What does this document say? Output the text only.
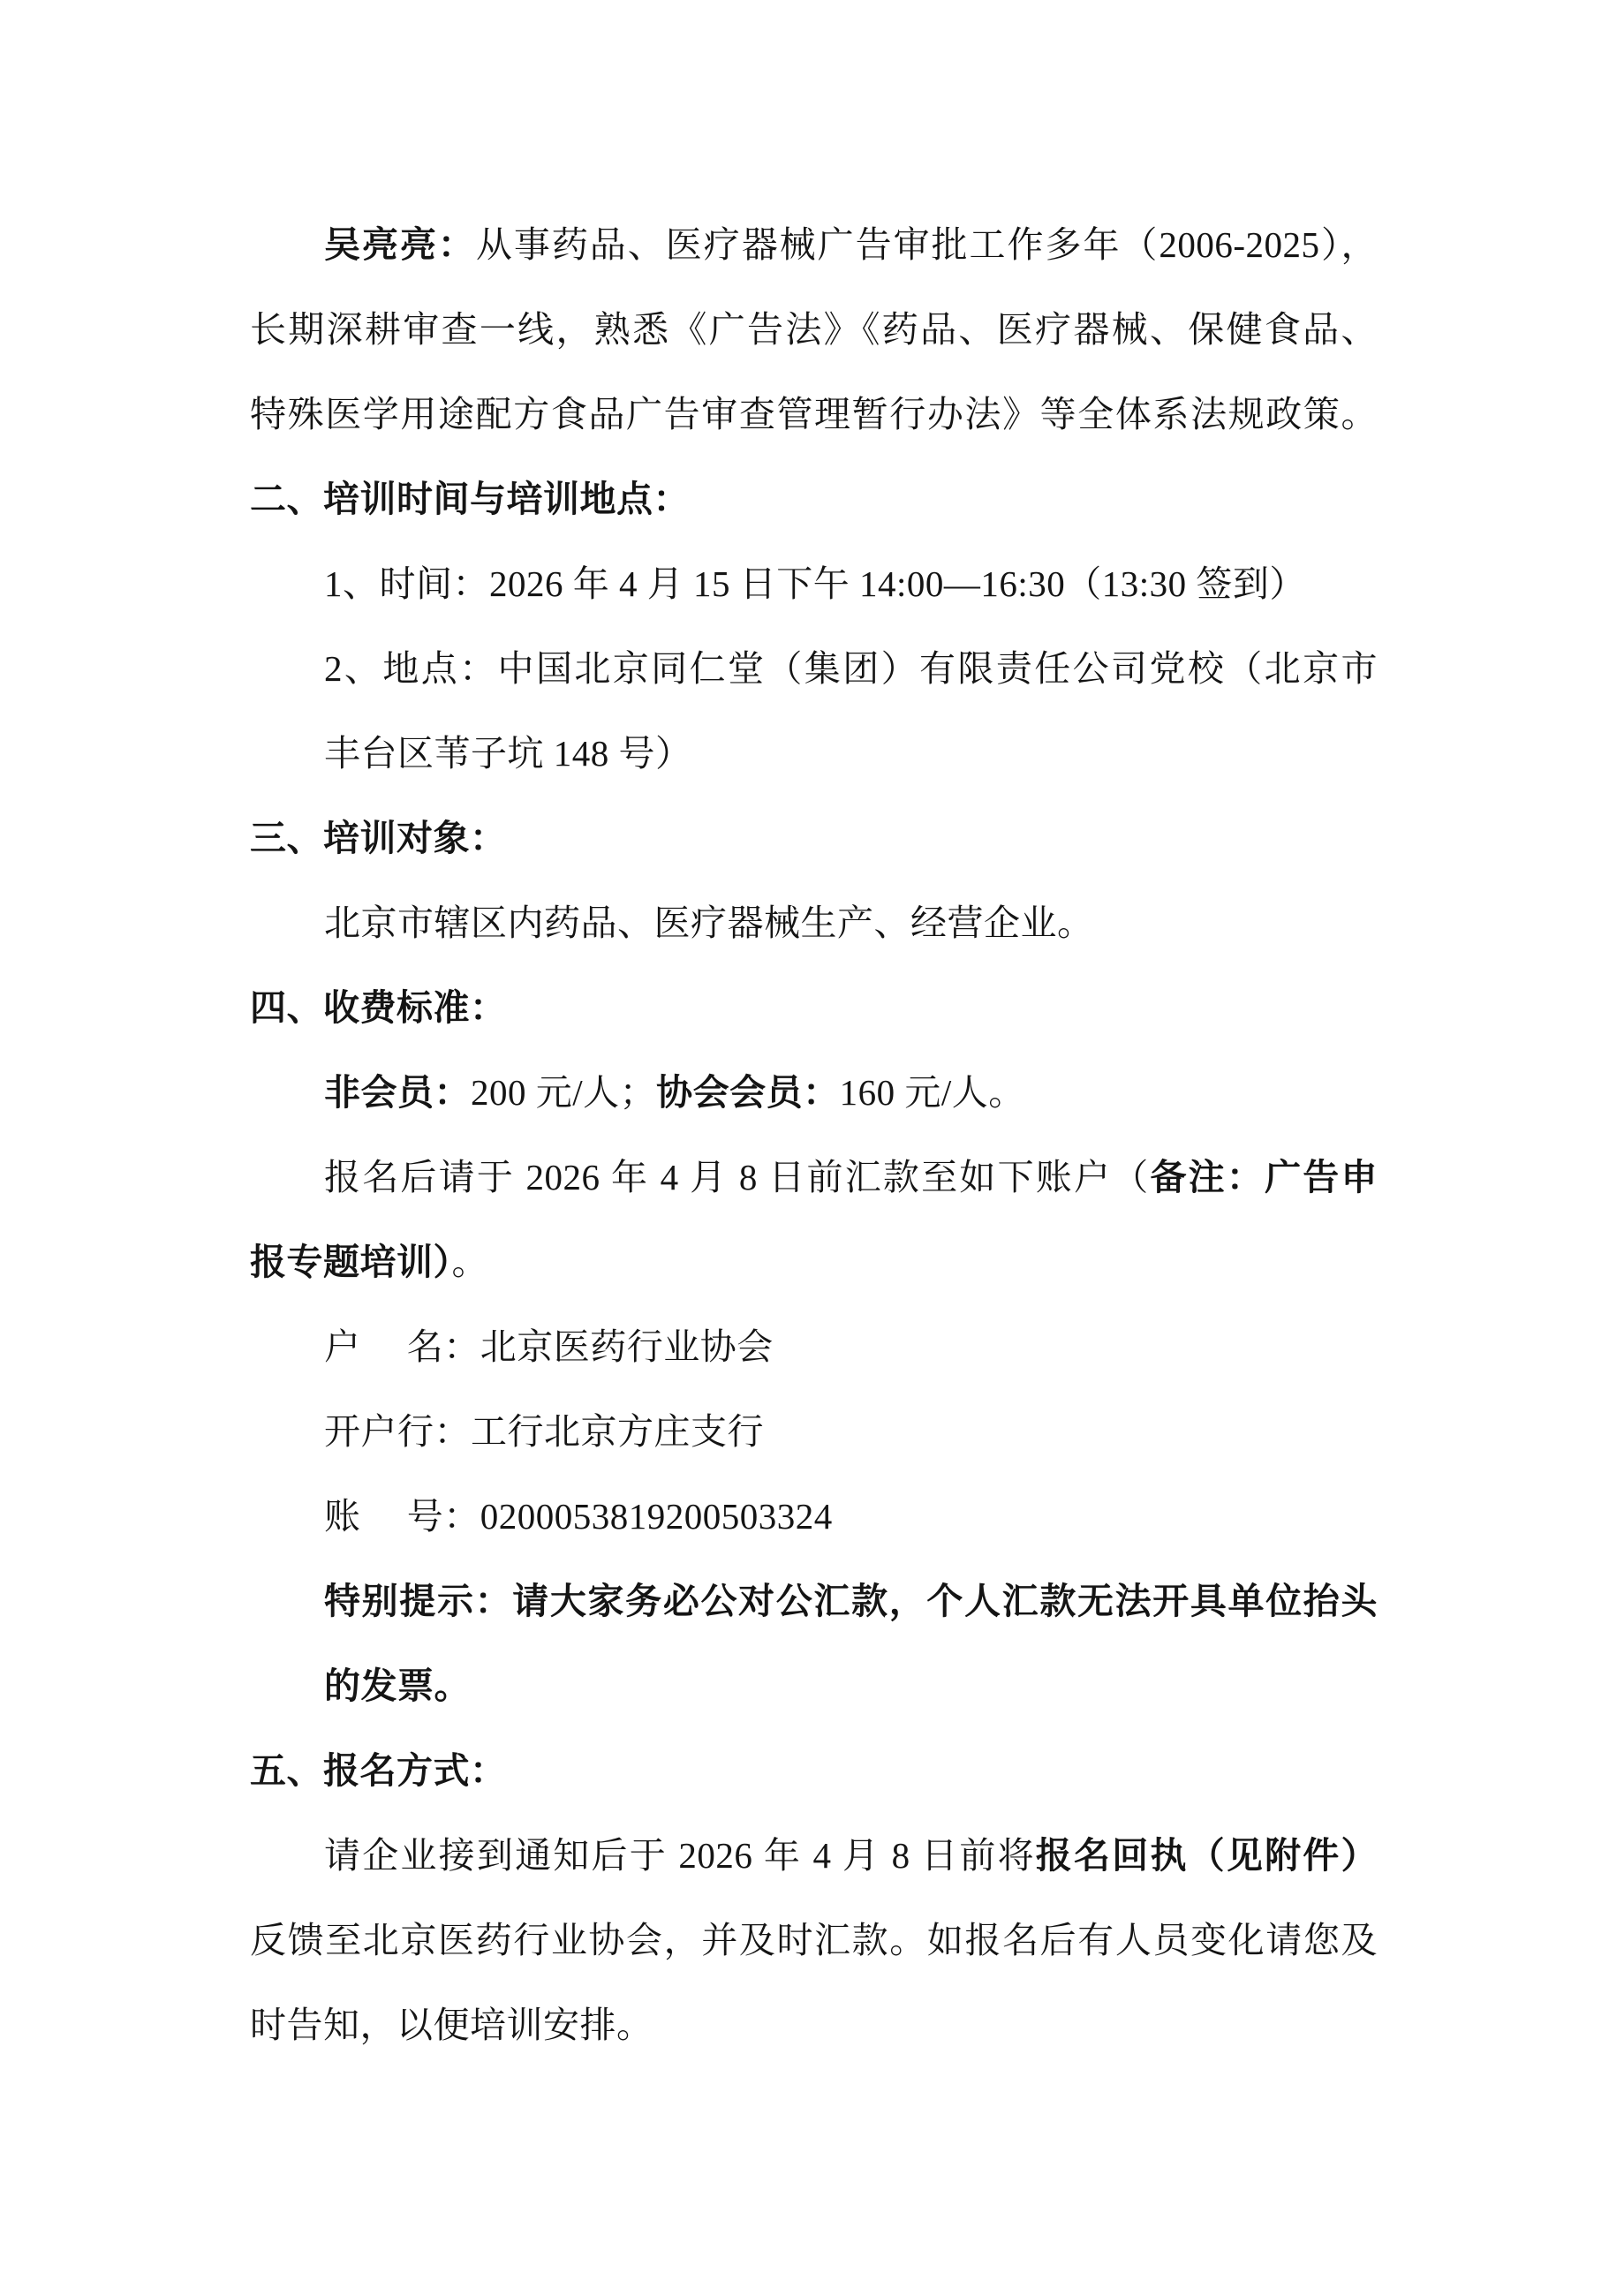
吴亮亮：从事药品、医疗器械广告审批工作多年（2006-2025），
长期深耕审查一线，熟悉《广告法》《药品、医疗器械、保健食品、
特殊医学用途配方食品广告审查管理暂行办法》等全体系法规政策。
二、培训时间与培训地点：
1、时间：2026 年 4 月 15 日下午 14:00—16:30（13:30 签到）
2、地点：中国北京同仁堂（集团）有限责任公司党校（北京市
丰台区苇子坑 148 号）
三、培训对象：
北京市辖区内药品、医疗器械生产、经营企业。
四、收费标准：
非会员：200 元/人；协会会员：160 元/人。
报名后请于 2026 年 4 月 8 日前汇款至如下账户（备注：广告申
报专题培训）。
户　 名：北京医药行业协会
开户行：工行北京方庄支行
账　 号：0200053819200503324
特别提示：请大家务必公对公汇款，个人汇款无法开具单位抬头
的发票。
五、报名方式：
请企业接到通知后于 2026 年 4 月 8 日前将报名回执（见附件）
反馈至北京医药行业协会，并及时汇款。如报名后有人员变化请您及
时告知，以便培训安排。
